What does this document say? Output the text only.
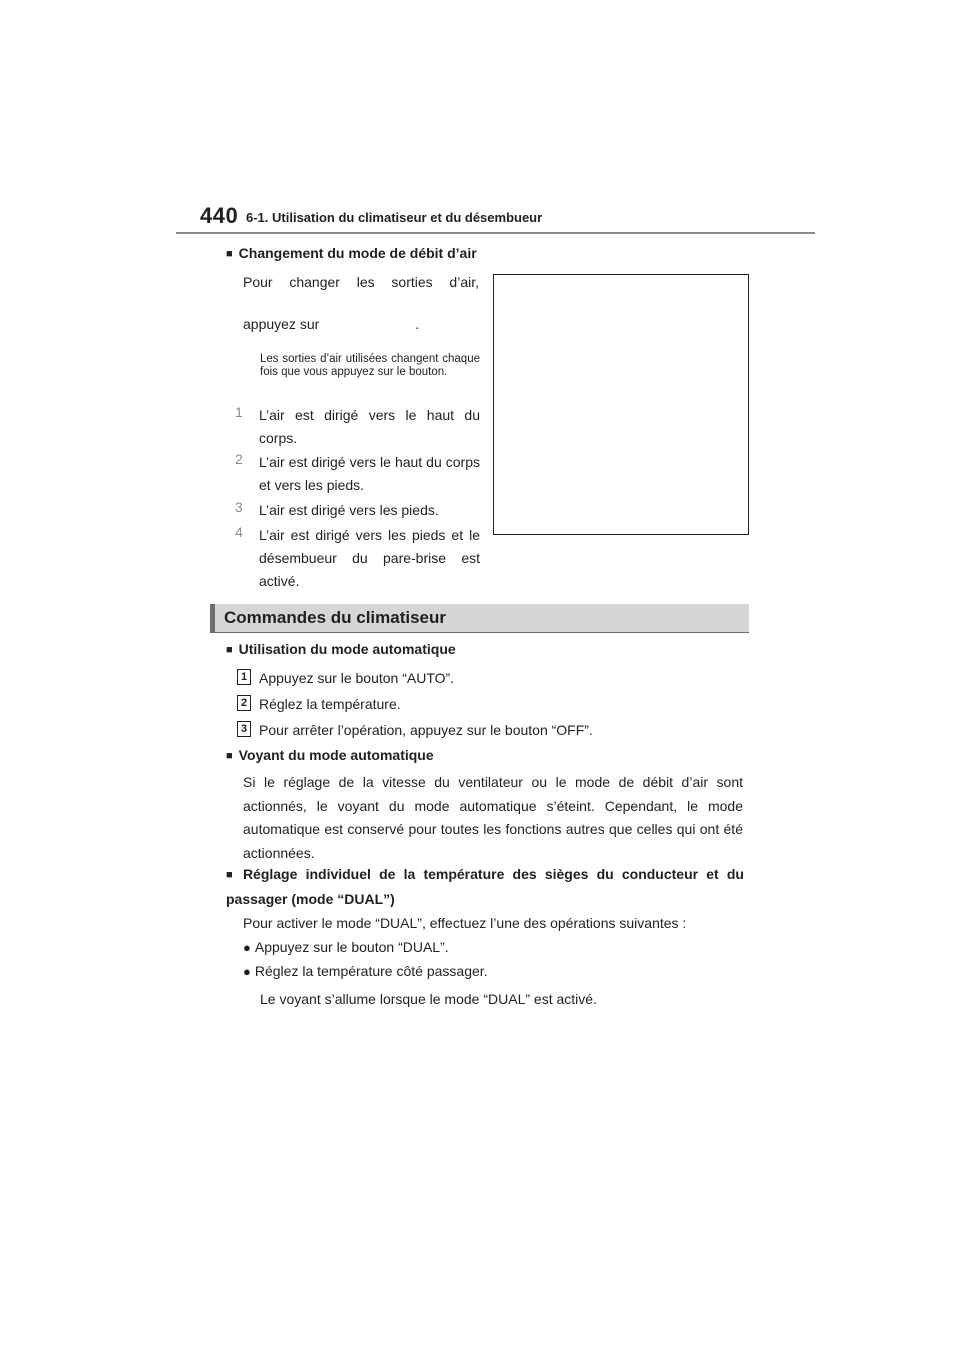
440 6-1. Utilisation du climatiseur et du désembueur
■ Changement du mode de débit d’air
Pour changer les sorties d’air,
appuyez sur	.
Les sorties d’air utilisées changent chaque fois que vous appuyez sur le bouton.
1 L’air est dirigé vers le haut du corps.
2 L’air est dirigé vers le haut du corps et vers les pieds.
3 L’air est dirigé vers les pieds.
4 L’air est dirigé vers les pieds et le désembueur du pare-brise est activé.
Commandes du climatiseur
■ Utilisation du mode automatique
1 Appuyez sur le bouton “AUTO”.
2 Réglez la température.
3 Pour arrêter l’opération, appuyez sur le bouton “OFF”.
■ Voyant du mode automatique
Si le réglage de la vitesse du ventilateur ou le mode de débit d’air sont actionnés, le voyant du mode automatique s’éteint. Cependant, le mode automatique est conservé pour toutes les fonctions autres que celles qui ont été actionnées.
■ Réglage individuel de la température des sièges du conducteur et du passager (mode “DUAL”)
Pour activer le mode “DUAL”, effectuez l’une des opérations suivantes :
● Appuyez sur le bouton “DUAL”.
● Réglez la température côté passager.
Le voyant s’allume lorsque le mode “DUAL” est activé.
